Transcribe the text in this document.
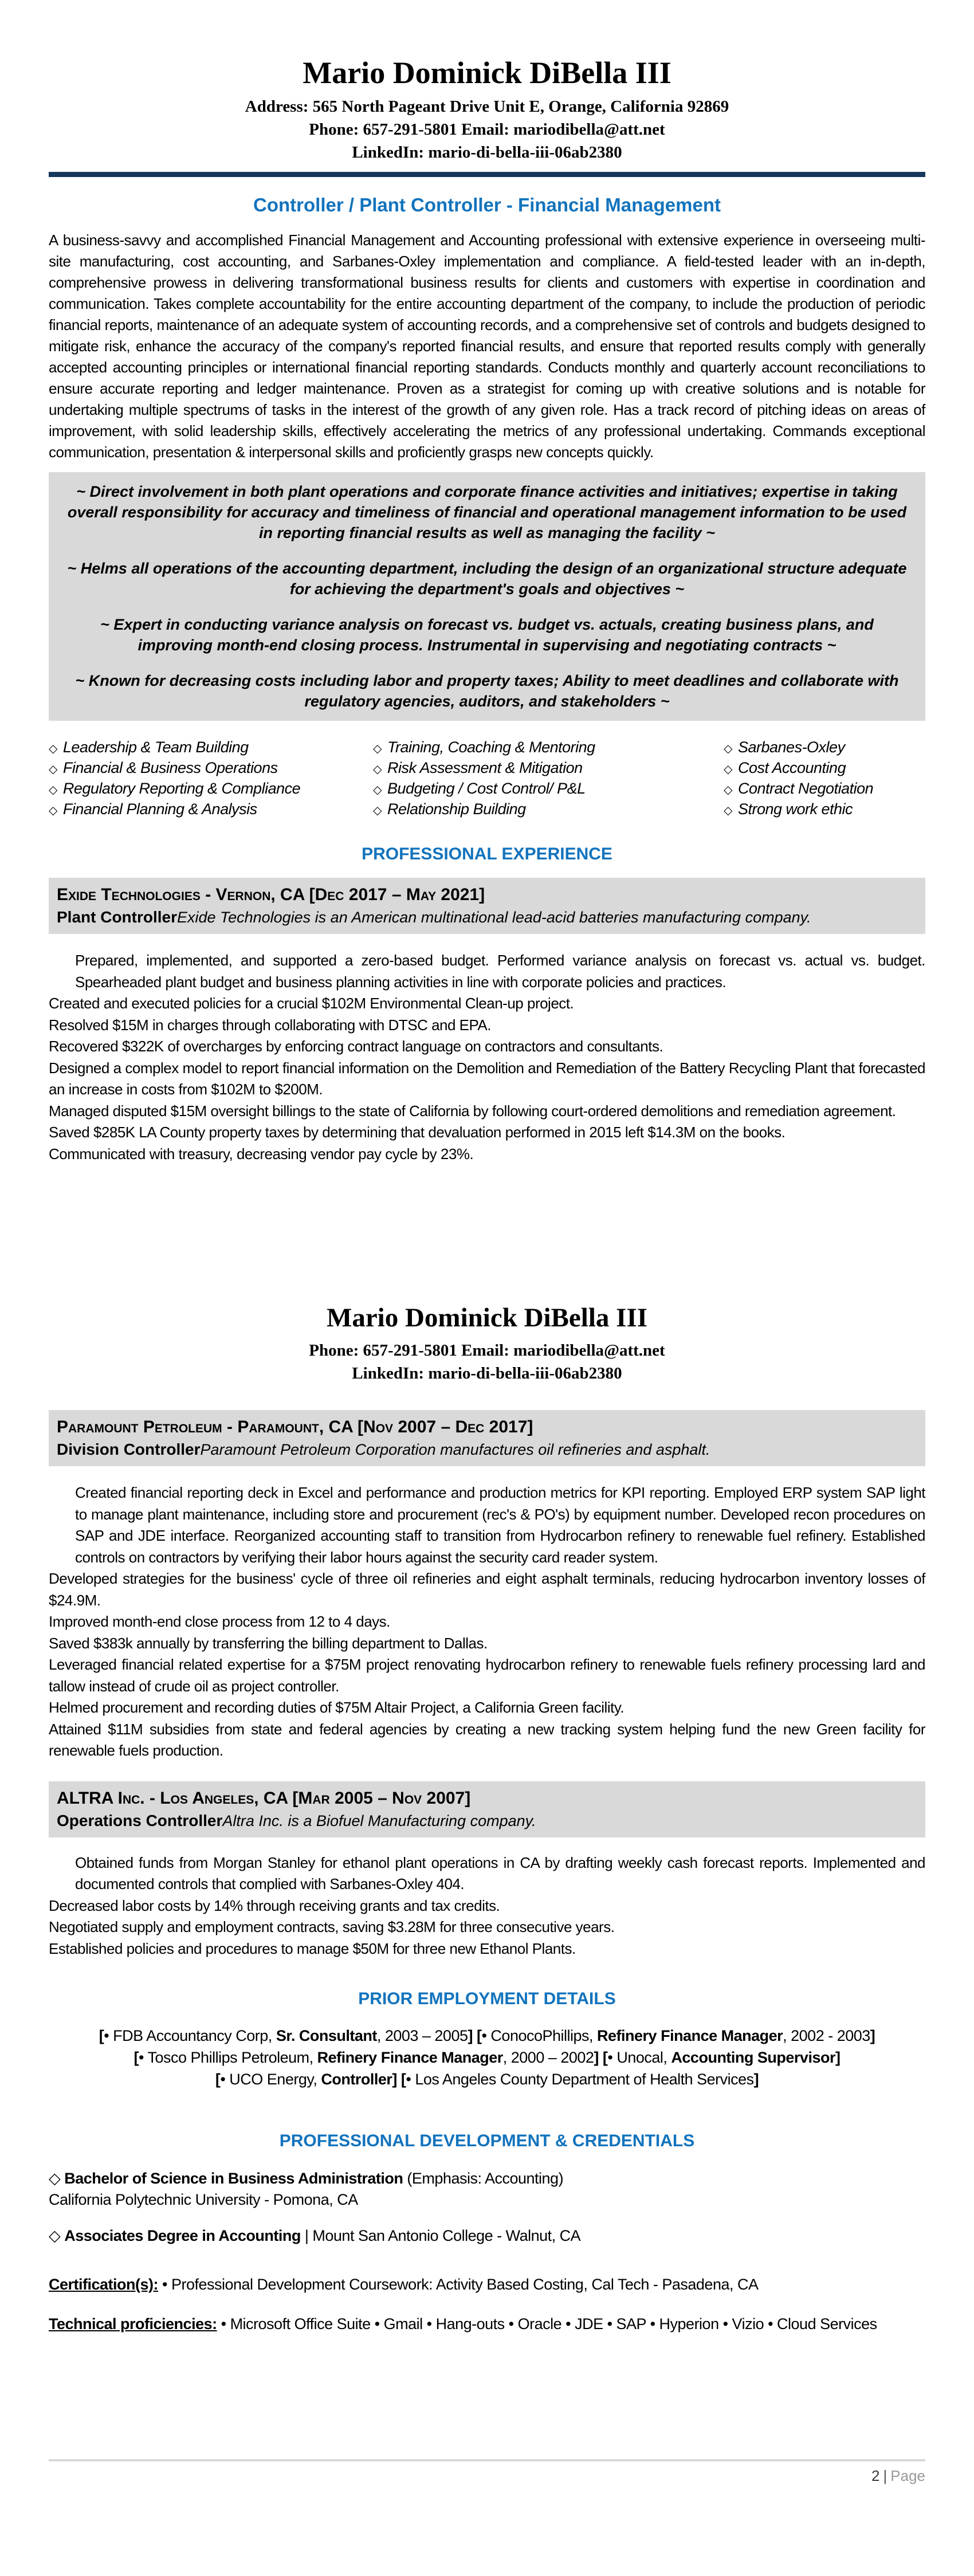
Mario Dominick DiBella III

Address: 565 North Pageant Drive Unit E, Orange, California 92869

Phone: 657-291-5801 Email: mariodibella@att.net

LinkedIn: mario-di-bella-iii-06ab2380

Controller / Plant Controller - Financial Management

A business-savvy and accomplished Financial Management and Accounting professional with extensive experience in overseeing multi-site manufacturing, cost accounting, and Sarbanes-Oxley implementation and compliance. A field-tested leader with an in-depth, comprehensive prowess in delivering transformational business results for clients and customers with expertise in coordination and communication. Takes complete accountability for the entire accounting department of the company, to include the production of periodic financial reports, maintenance of an adequate system of accounting records, and a comprehensive set of controls and budgets designed to mitigate risk, enhance the accuracy of the company's reported financial results, and ensure that reported results comply with generally accepted accounting principles or international financial reporting standards. Conducts monthly and quarterly account reconciliations to ensure accurate reporting and ledger maintenance. Proven as a strategist for coming up with creative solutions and is notable for undertaking multiple spectrums of tasks in the interest of the growth of any given role. Has a track record of pitching ideas on areas of improvement, with solid leadership skills, effectively accelerating the metrics of any professional undertaking. Commands exceptional communication, presentation & interpersonal skills and proficiently grasps new concepts quickly.

~ Direct involvement in both plant operations and corporate finance activities and initiatives; expertise in taking overall responsibility for accuracy and timeliness of financial and operational management information to be used in reporting financial results as well as managing the facility ~

~ Helms all operations of the accounting department, including the design of an organizational structure adequate for achieving the department's goals and objectives ~

~ Expert in conducting variance analysis on forecast vs. budget vs. actuals, creating business plans, and improving month-end closing process. Instrumental in supervising and negotiating contracts ~

~ Known for decreasing costs including labor and property taxes; Ability to meet deadlines and collaborate with regulatory agencies, auditors, and stakeholders ~

◇ Leadership & Team Building
◇ Financial & Business Operations
◇ Regulatory Reporting & Compliance
◇ Financial Planning & Analysis
◇ Training, Coaching & Mentoring
◇ Risk Assessment & Mitigation
◇ Budgeting / Cost Control/ P&L
◇ Relationship Building
◇ Sarbanes-Oxley
◇ Cost Accounting
◇ Contract Negotiation
◇ Strong work ethic
PROFESSIONAL EXPERIENCE

Exide Technologies - Vernon, CA [Dec 2017 – May 2021]

Plant ControllerExide Technologies is an American multinational lead-acid batteries manufacturing company.

Prepared, implemented, and supported a zero-based budget. Performed variance analysis on forecast vs. actual vs. budget. Spearheaded plant budget and business planning activities in line with corporate policies and practices.

Created and executed policies for a crucial $102M Environmental Clean-up project.

Resolved $15M in charges through collaborating with DTSC and EPA.

Recovered $322K of overcharges by enforcing contract language on contractors and consultants.

Designed a complex model to report financial information on the Demolition and Remediation of the Battery Recycling Plant that forecasted an increase in costs from $102M to $200M.

Managed disputed $15M oversight billings to the state of California by following court-ordered demolitions and remediation agreement.

Saved $285K LA County property taxes by determining that devaluation performed in 2015 left $14.3M on the books.

Communicated with treasury, decreasing vendor pay cycle by 23%.

Mario Dominick DiBella III

Phone: 657-291-5801 Email: mariodibella@att.net

LinkedIn: mario-di-bella-iii-06ab2380

Paramount Petroleum - Paramount, CA [Nov 2007 – Dec 2017]

Division ControllerParamount Petroleum Corporation manufactures oil refineries and asphalt.

Created financial reporting deck in Excel and performance and production metrics for KPI reporting. Employed ERP system SAP light to manage plant maintenance, including store and procurement (rec's & PO's) by equipment number. Developed recon procedures on SAP and JDE interface. Reorganized accounting staff to transition from Hydrocarbon refinery to renewable fuel refinery. Established controls on contractors by verifying their labor hours against the security card reader system.

Developed strategies for the business' cycle of three oil refineries and eight asphalt terminals, reducing hydrocarbon inventory losses of $24.9M.

Improved month-end close process from 12 to 4 days.

Saved $383k annually by transferring the billing department to Dallas.

Leveraged financial related expertise for a $75M project renovating hydrocarbon refinery to renewable fuels refinery processing lard and tallow instead of crude oil as project controller.

Helmed procurement and recording duties of $75M Altair Project, a California Green facility.

Attained $11M subsidies from state and federal agencies by creating a new tracking system helping fund the new Green facility for renewable fuels production.

ALTRA Inc. - Los Angeles, CA [Mar 2005 – Nov 2007]

Operations ControllerAltra Inc. is a Biofuel Manufacturing company.

Obtained funds from Morgan Stanley for ethanol plant operations in CA by drafting weekly cash forecast reports. Implemented and documented controls that complied with Sarbanes-Oxley 404.

Decreased labor costs by 14% through receiving grants and tax credits.

Negotiated supply and employment contracts, saving $3.28M for three consecutive years.

Established policies and procedures to manage $50M for three new Ethanol Plants.

PRIOR EMPLOYMENT DETAILS

[• FDB Accountancy Corp, Sr. Consultant, 2003 – 2005] [• ConocoPhillips, Refinery Finance Manager, 2002 - 2003]

[• Tosco Phillips Petroleum, Refinery Finance Manager, 2000 – 2002] [• Unocal, Accounting Supervisor]

[• UCO Energy, Controller] [• Los Angeles County Department of Health Services]

PROFESSIONAL DEVELOPMENT & CREDENTIALS

◇ Bachelor of Science in Business Administration (Emphasis: Accounting)

California Polytechnic University - Pomona, CA

◇ Associates Degree in Accounting | Mount San Antonio College - Walnut, CA

Certification(s): • Professional Development Coursework: Activity Based Costing, Cal Tech - Pasadena, CA

Technical proficiencies: • Microsoft Office Suite • Gmail • Hang-outs • Oracle • JDE • SAP • Hyperion • Vizio • Cloud Services

2 | Page
